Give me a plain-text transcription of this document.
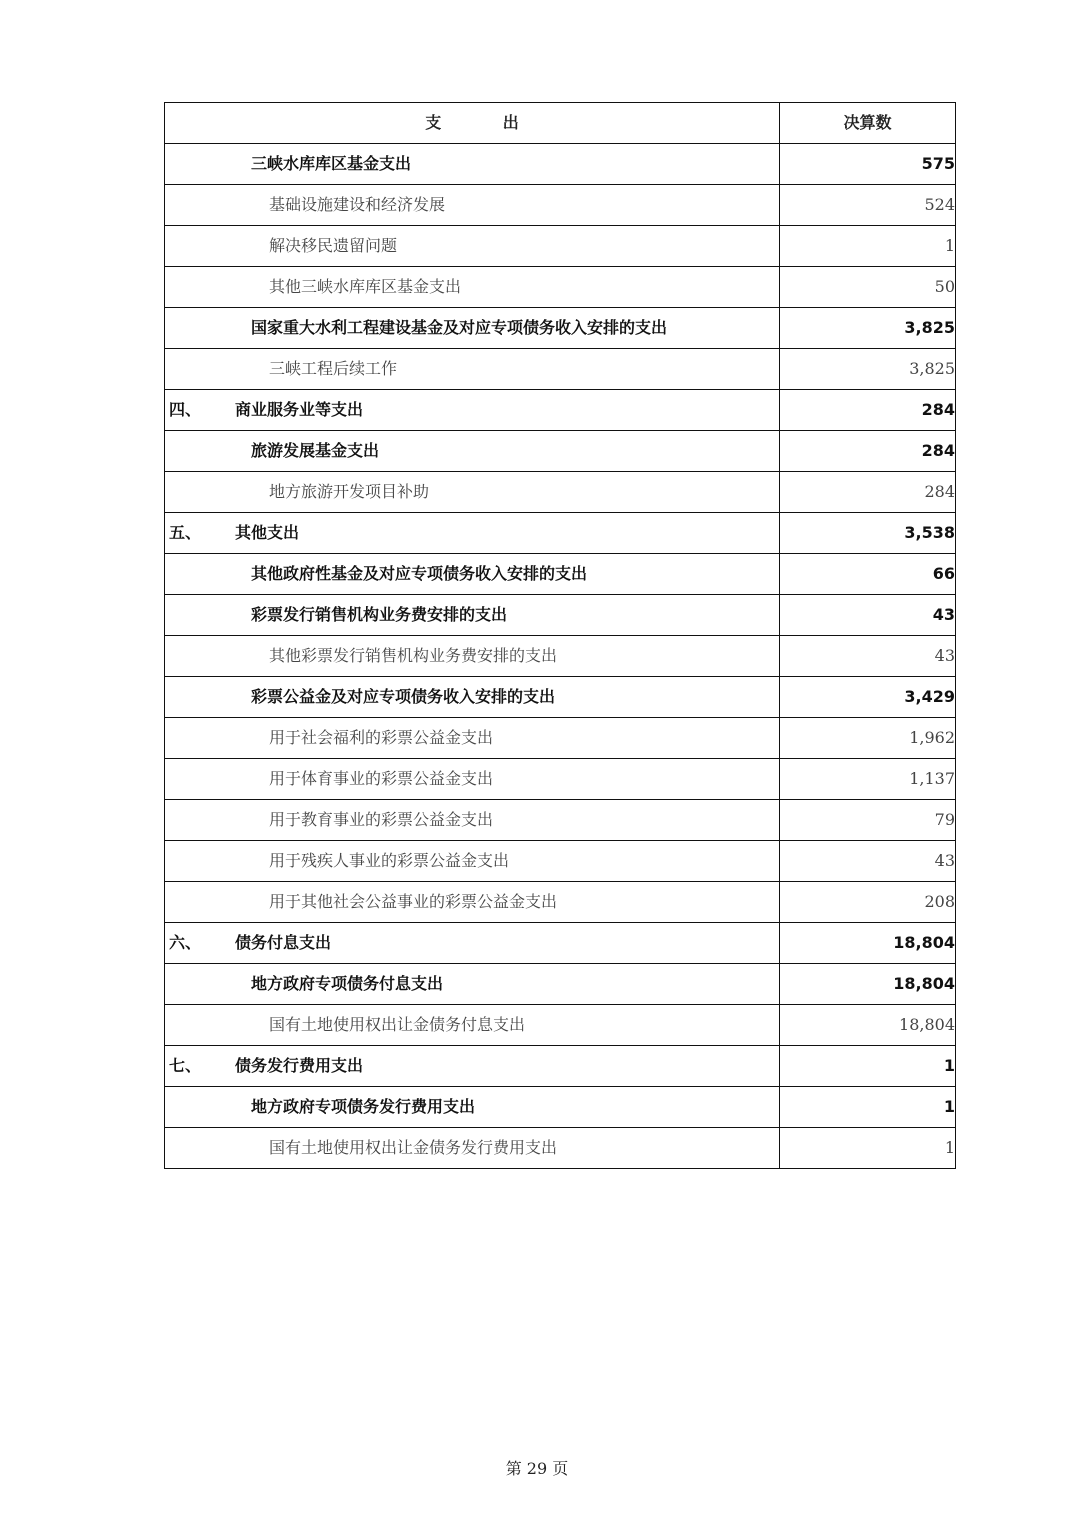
支 出	决算数
三峡水库库区基金支出	575
基础设施建设和经济发展	524
解决移民遗留问题	1
其他三峡水库库区基金支出	50
国家重大水利工程建设基金及对应专项债务收入安排的支出	3,825
三峡工程后续工作	3,825
四、 商业服务业等支出	284
旅游发展基金支出	284
地方旅游开发项目补助	284
五、 其他支出	3,538
其他政府性基金及对应专项债务收入安排的支出	66
彩票发行销售机构业务费安排的支出	43
其他彩票发行销售机构业务费安排的支出	43
彩票公益金及对应专项债务收入安排的支出	3,429
用于社会福利的彩票公益金支出	1,962
用于体育事业的彩票公益金支出	1,137
用于教育事业的彩票公益金支出	79
用于残疾人事业的彩票公益金支出	43
用于其他社会公益事业的彩票公益金支出	208
六、 债务付息支出	18,804
地方政府专项债务付息支出	18,804
国有土地使用权出让金债务付息支出	18,804
七、 债务发行费用支出	1
地方政府专项债务发行费用支出	1
国有土地使用权出让金债务发行费用支出	1
第 29 页
